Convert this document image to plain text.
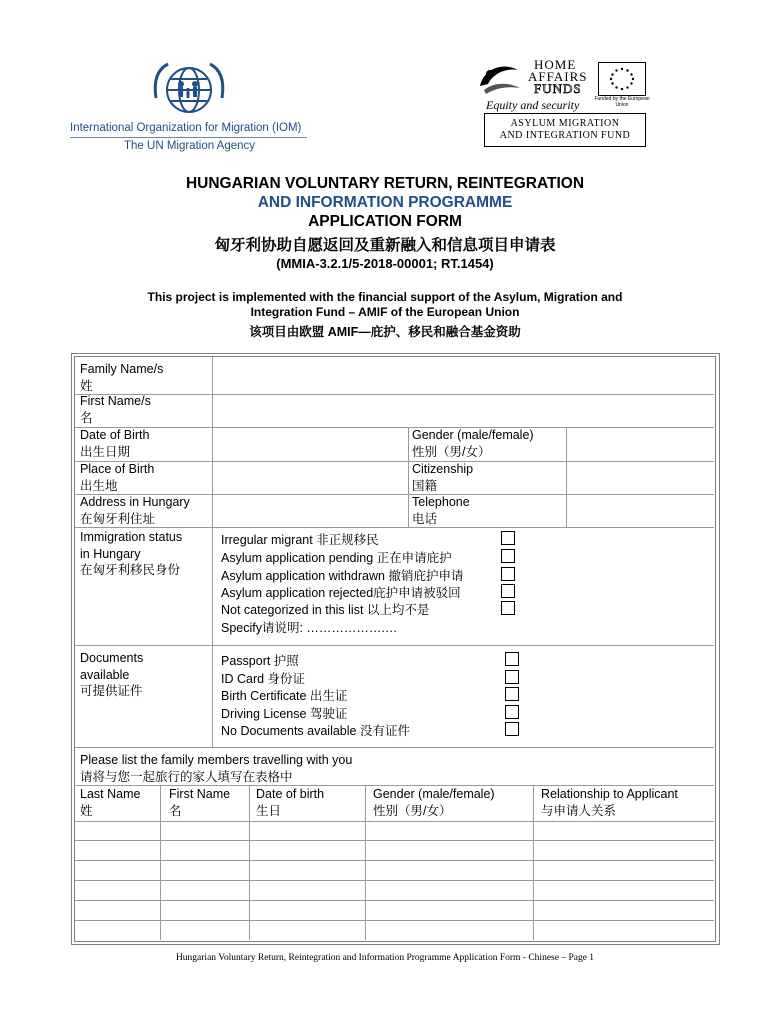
International Organization for Migration (IOM)
The UN Migration Agency
HOME
AFFAIRS
FUNDS
Equity and security	Funded by the European Union
ASYLUM MIGRATION
AND INTEGRATION FUND
HUNGARIAN VOLUNTARY RETURN, REINTEGRATION
AND INFORMATION PROGRAMME
APPLICATION FORM
匈牙利协助自愿返回及重新融入和信息项目申请表
(MMIA-3.2.1/5-2018-00001; RT.1454)
This project is implemented with the financial support of the Asylum, Migration and
Integration Fund – AMIF of the European Union
该项目由欧盟 AMIF—庇护、移民和融合基金资助
Family Name/s
姓
First Name/s
名
Date of Birth
出生日期
Gender (male/female)
性别（男/女）
Place of Birth
出生地
Citizenship
国籍
Address in Hungary
在匈牙利住址
Telephone
电话
Immigration status
in Hungary
在匈牙利移民身份
Irregular migrant 非正规移民
Asylum application pending 正在申请庇护
Asylum application withdrawn 撤销庇护申请
Asylum application rejected庇护申请被驳回
Not categorized in this list 以上均不是
Specify请说明: ……………….…
Documents
available
可提供证件
Passport 护照
ID Card 身份证
Birth Certificate 出生证
Driving License 驾驶证
No Documents available 没有证件
Please list the family members travelling with you
请将与您一起旅行的家人填写在表格中
Last Name
姓
First Name
名
Date of birth
生日
Gender (male/female)
性别（男/女）
Relationship to Applicant
与申请人关系
Hungarian Voluntary Return, Reintegration and Information Programme Application Form - Chinese – Page 1
